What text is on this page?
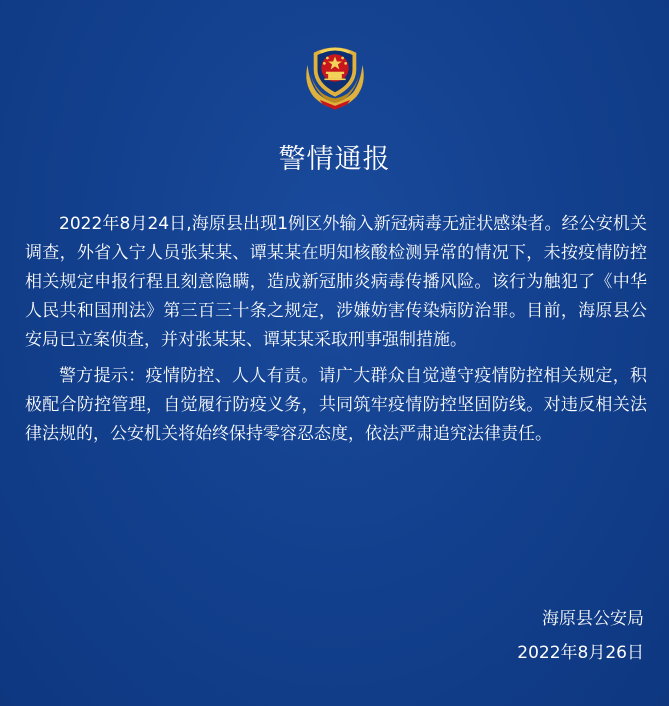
警情通报

2022年8月24日,海原县出现1例区外输入新冠病毒无症状感染者。经公安机关调查，外省入宁人员张某某、谭某某在明知核酸检测异常的情况下，未按疫情防控相关规定申报行程且刻意隐瞒，造成新冠肺炎病毒传播风险。该行为触犯了《中华人民共和国刑法》第三百三十条之规定，涉嫌妨害传染病防治罪。目前，海原县公安局已立案侦查，并对张某某、谭某某采取刑事强制措施。

警方提示：疫情防控、人人有责。请广大群众自觉遵守疫情防控相关规定，积极配合防控管理，自觉履行防疫义务，共同筑牢疫情防控坚固防线。对违反相关法律法规的，公安机关将始终保持零容忍态度，依法严肃追究法律责任。

海原县公安局
2022年8月26日
